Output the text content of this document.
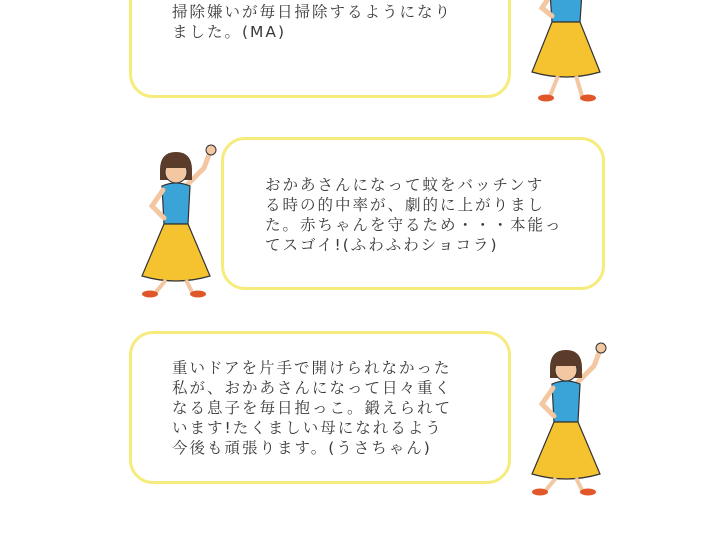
掃除嫌いが毎日掃除するようになり
ました。(MA)
おかあさんになって蚊をバッチンす
る時の的中率が、劇的に上がりまし
た。赤ちゃんを守るため・・・本能っ
てスゴイ!(ふわふわショコラ)
重いドアを片手で開けられなかった
私が、おかあさんになって日々重く
なる息子を毎日抱っこ。鍛えられて
います!たくましい母になれるよう
今後も頑張ります。(うさちゃん)
